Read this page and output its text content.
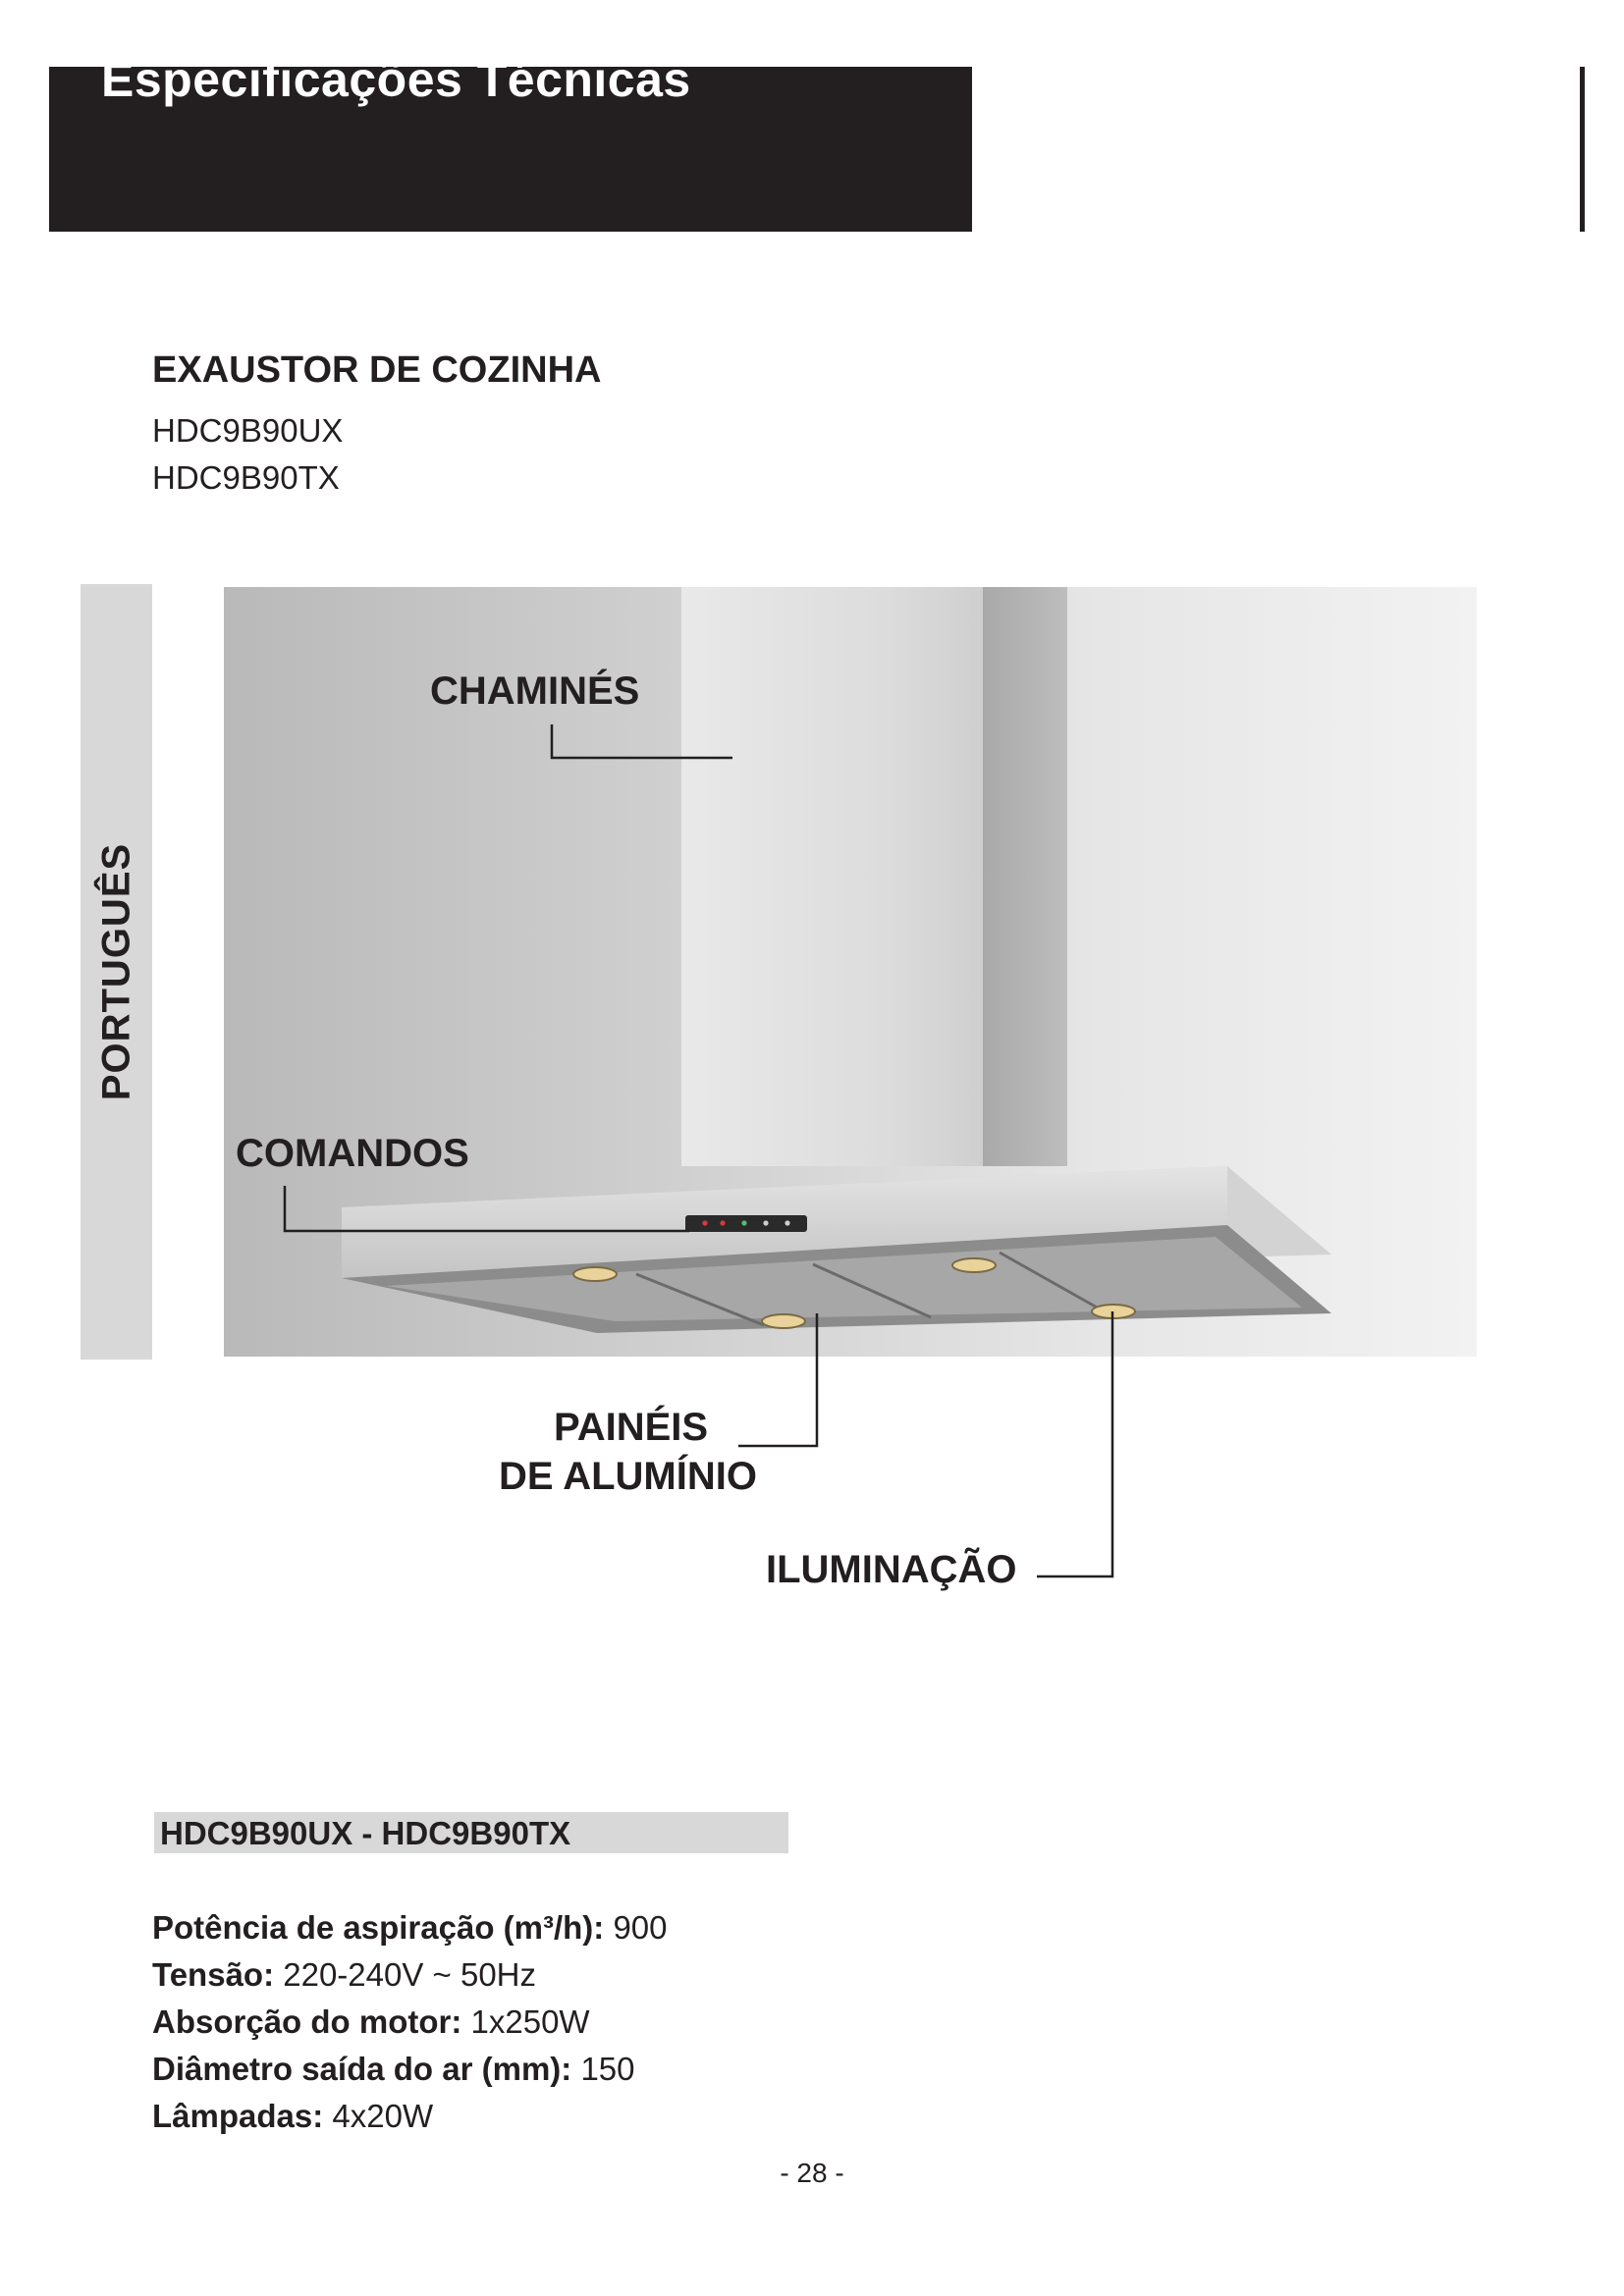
Especificações Técnicas
EXAUSTOR DE COZINHA
HDC9B90UX
HDC9B90TX
PORTUGUÊS
CHAMINÉS
COMANDOS
PAINÉIS
DE ALUMÍNIO
ILUMINAÇÃO
HDC9B90UX - HDC9B90TX
Potência de aspiração (m³/h): 900
Tensão: 220-240V ~ 50Hz
Absorção do motor: 1x250W
Diâmetro saída do ar (mm): 150
Lâmpadas: 4x20W
- 28 -
